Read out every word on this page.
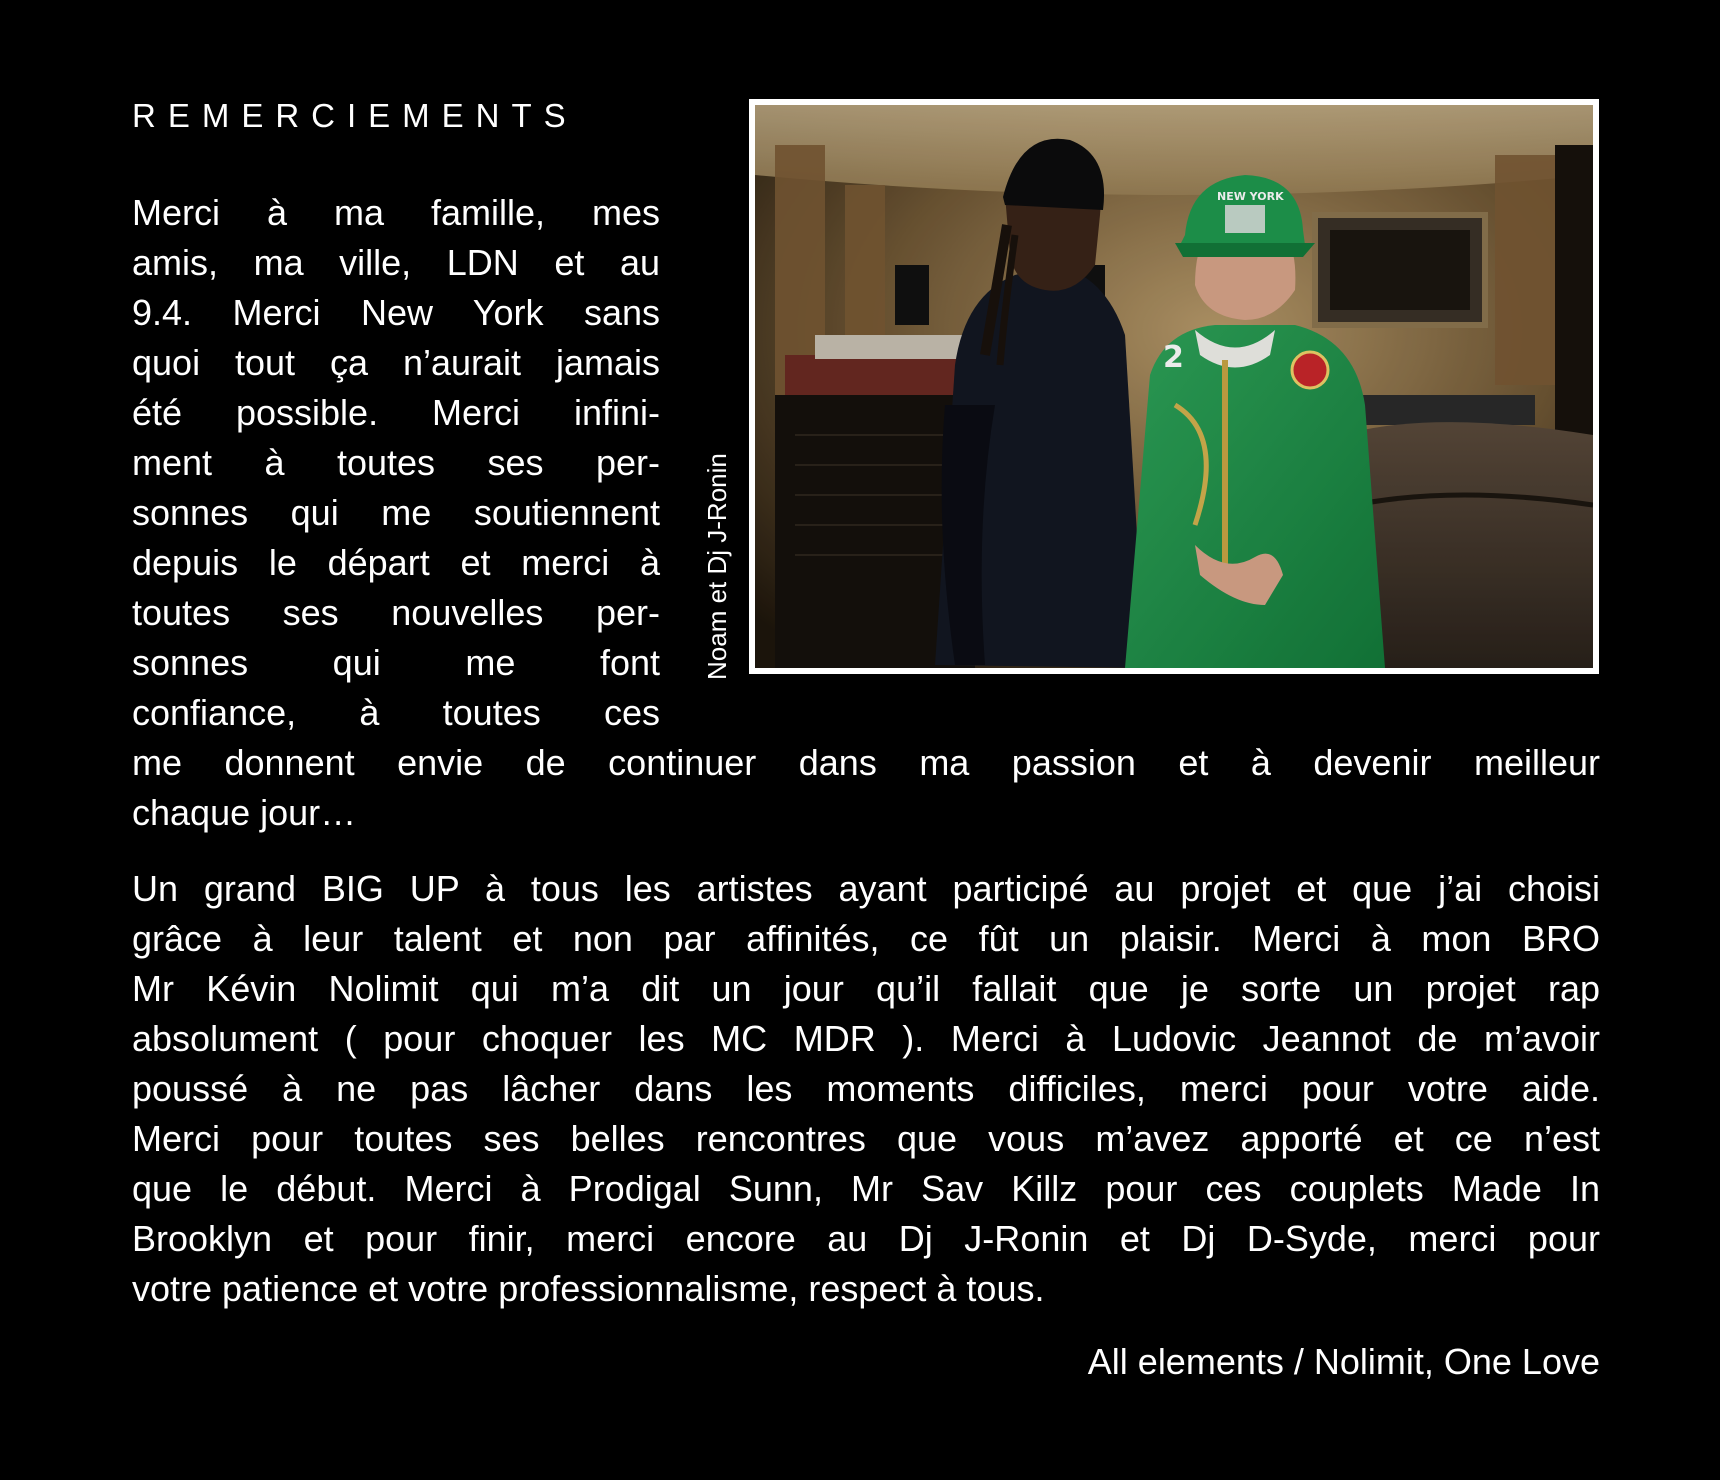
REMERCIEMENTS
Merci à ma famille, mes
amis, ma ville, LDN et au
9.4. Merci New York sans
quoi tout ça n’aurait jamais
été possible. Merci infini-
ment à toutes ses per-
sonnes qui me soutiennent
depuis le départ et merci à
toutes ses nouvelles per-
sonnes qui me font
confiance, à toutes ces
me donnent envie de continuer dans ma passion et à devenir meilleur
chaque jour…
Noam et Dj J-Ronin
2
NEW YORK
Un grand BIG UP à tous les artistes ayant participé au projet et que j’ai choisi
grâce à leur talent et non par affinités, ce fût un plaisir. Merci à mon BRO
Mr Kévin Nolimit qui m’a dit un jour qu’il fallait que je sorte un projet rap
absolument ( pour choquer les MC MDR ). Merci à Ludovic Jeannot de m’avoir
poussé à ne pas lâcher dans les moments difficiles, merci pour votre aide.
Merci pour toutes ses belles rencontres que vous m’avez apporté et ce n’est
que le début. Merci à Prodigal Sunn, Mr Sav Killz pour ces couplets Made In
Brooklyn et pour finir, merci encore au Dj J-Ronin et Dj D-Syde, merci pour
votre patience et votre professionnalisme, respect à tous.
All elements / Nolimit, One Love
